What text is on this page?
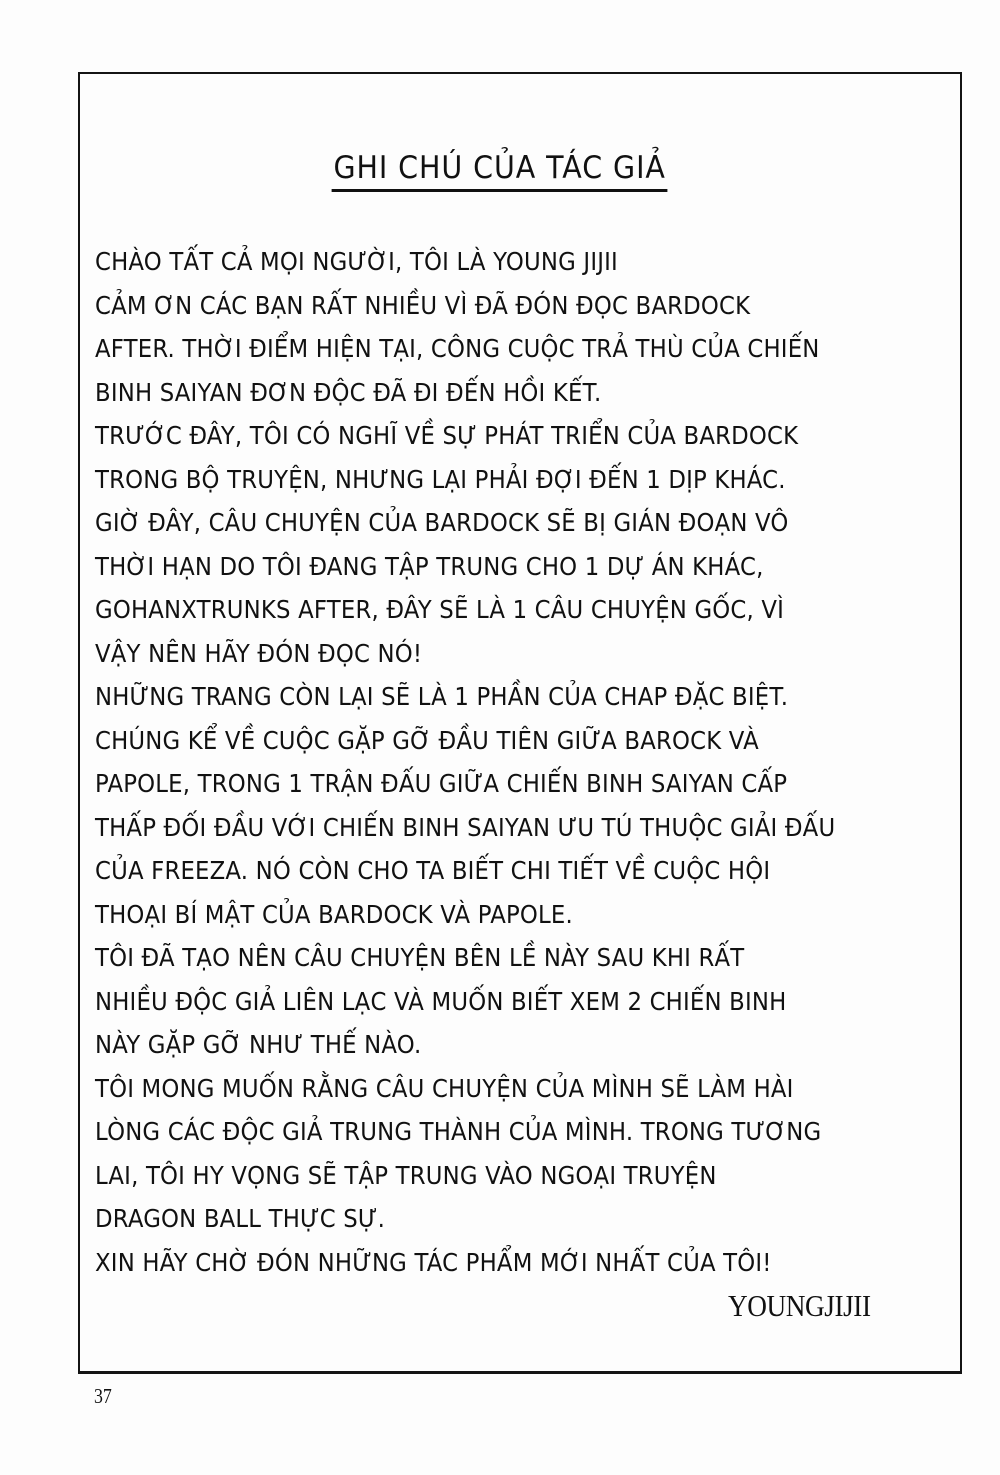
GHI CHÚ CỦA TÁC GIẢ
CHÀO TẤT CẢ MỌI NGƯỜI, TÔI LÀ YOUNG JIJII
CẢM ƠN CÁC BẠN RẤT NHIỀU VÌ ĐÃ ĐÓN ĐỌC BARDOCK
AFTER. THỜI ĐIỂM HIỆN TẠI, CÔNG CUỘC TRẢ THÙ CỦA CHIẾN
BINH SAIYAN ĐƠN ĐỘC ĐÃ ĐI ĐẾN HỒI KẾT.
TRƯỚC ĐÂY, TÔI CÓ NGHĨ VỀ SỰ PHÁT TRIỂN CỦA BARDOCK
TRONG BỘ TRUYỆN, NHƯNG LẠI PHẢI ĐỢI ĐẾN 1 DỊP KHÁC.
GIỜ ĐÂY, CÂU CHUYỆN CỦA BARDOCK SẼ BỊ GIÁN ĐOẠN VÔ
THỜI HẠN DO TÔI ĐANG TẬP TRUNG CHO 1 DỰ ÁN KHÁC,
GOHANXTRUNKS AFTER, ĐÂY SẼ LÀ 1 CÂU CHUYỆN GỐC, VÌ
VẬY NÊN HÃY ĐÓN ĐỌC NÓ!
NHỮNG TRANG CÒN LẠI SẼ LÀ 1 PHẦN CỦA CHAP ĐẶC BIỆT.
CHÚNG KỂ VỀ CUỘC GẶP GỠ ĐẦU TIÊN GIỮA BAROCK VÀ
PAPOLE, TRONG 1 TRẬN ĐẤU GIỮA CHIẾN BINH SAIYAN CẤP
THẤP ĐỐI ĐẦU VỚI CHIẾN BINH SAIYAN ƯU TÚ THUỘC GIẢI ĐẤU
CỦA FREEZA. NÓ CÒN CHO TA BIẾT CHI TIẾT VỀ CUỘC HỘI
THOẠI BÍ MẬT CỦA BARDOCK VÀ PAPOLE.
TÔI ĐÃ TẠO NÊN CÂU CHUYỆN BÊN LỀ NÀY SAU KHI RẤT
NHIỀU ĐỘC GIẢ LIÊN LẠC VÀ MUỐN BIẾT XEM 2 CHIẾN BINH
NÀY GẶP GỠ NHƯ THẾ NÀO.
TÔI MONG MUỐN RẰNG CÂU CHUYỆN CỦA MÌNH SẼ LÀM HÀI
LÒNG CÁC ĐỘC GIẢ TRUNG THÀNH CỦA MÌNH. TRONG TƯƠNG
LAI, TÔI HY VỌNG SẼ TẬP TRUNG VÀO NGOẠI TRUYỆN
DRAGON BALL THỰC SỰ.
XIN HÃY CHỜ ĐÓN NHỮNG TÁC PHẨM MỚI NHẤT CỦA TÔI!
YOUNGJIJII
37
